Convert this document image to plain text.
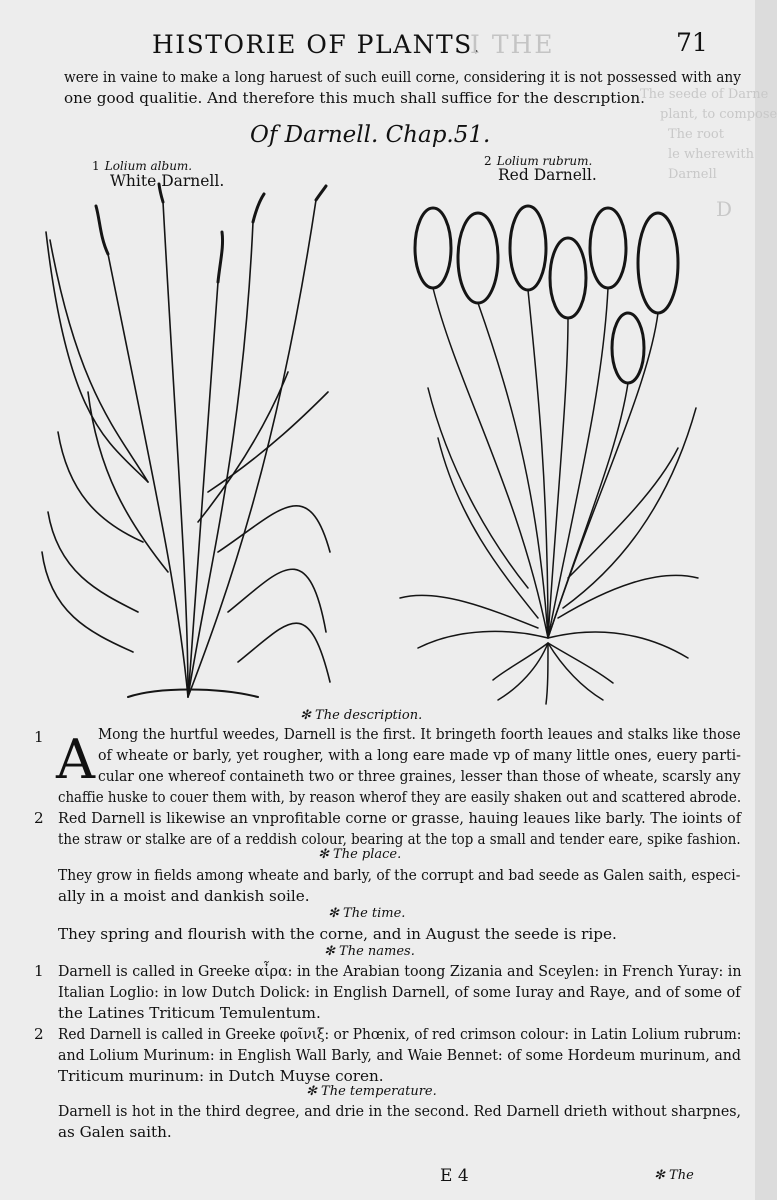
HISTORIE OF PLANTS.
I THE	71
The seede of Darne
plant, to compose
The root
le wherewith
Darnell
D
were in vaine to make a long haruest of such euill corne, considering it is not possessed with any
one good qualitie. And therefore this much shall suffice for the descrıption.
Of Darnell. Chap.51.
1 Lolium album.
White Darnell.
2 Lolium rubrum.
Red Darnell.
✻ The description.
1 A Mong the hurtful weedes, Darnell is the first. It bringeth foorth leaues and stalks like those
of wheate or barly, yet rougher, with a long eare made vp of many little ones, euery parti-
cular one whereof containeth two or three graines, lesser than those of wheate, scarsly any
chaffie huske to couer them with, by reason wherof they are easily shaken out and scattered abrode.
2 Red Darnell is likewise an vnprofitable corne or grasse, hauing leaues like barly. The ioints of
the straw or stalke are of a reddish colour, bearing at the top a small and tender eare, spike fashion.
✻ The place.
They grow in fields among wheate and barly, of the corrupt and bad seede as Galen saith, especi-
ally in a moist and dankish soile.
✻ The time.
They spring and flourish with the corne, and in August the seede is ripe.
✻ The names.
1 Darnell is called in Greeke αἶρα: in the Arabian toong Zizania and Sceylen: in French Yuray: in
Italian Loglio: in low Dutch Dolick: in English Darnell, of some Iuray and Raye, and of some of
the Latines Triticum Temulentum.
2 Red Darnell is called in Greeke φοῖνιξ: or Phœnix, of red crimson colour: in Latin Lolium rubrum:
and Lolium Murinum: in English Wall Barly, and Waie Bennet: of some Hordeum murinum, and
Triticum murinum: in Dutch Muyse coren.
✻ The temperature.
Darnell is hot in the third degree, and drie in the second. Red Darnell drieth without sharpnes,
as Galen saith.
E 4	✻ The
